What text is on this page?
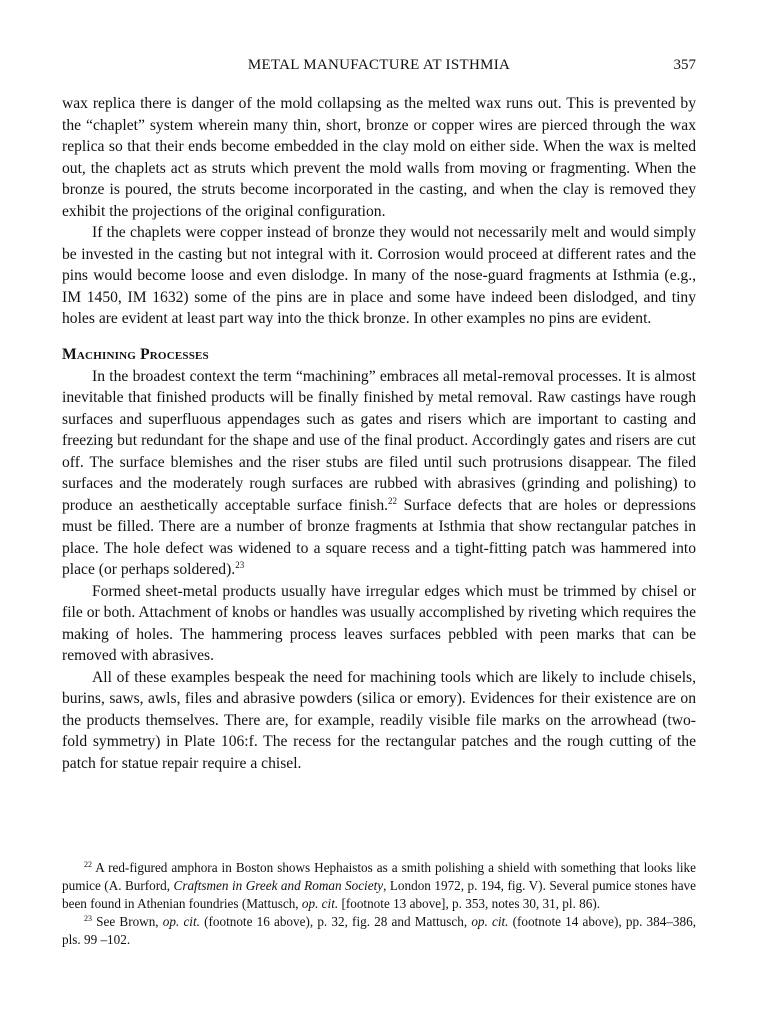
METAL MANUFACTURE AT ISTHMIA	357

wax replica there is danger of the mold collapsing as the melted wax runs out. This is prevented by the “chaplet” system wherein many thin, short, bronze or copper wires are pierced through the wax replica so that their ends become embedded in the clay mold on either side. When the wax is melted out, the chaplets act as struts which prevent the mold walls from moving or fragmenting. When the bronze is poured, the struts become incorporated in the casting, and when the clay is removed they exhibit the projections of the original configuration.

If the chaplets were copper instead of bronze they would not necessarily melt and would simply be invested in the casting but not integral with it. Corrosion would proceed at different rates and the pins would become loose and even dislodge. In many of the nose-guard fragments at Isthmia (e.g., IM 1450, IM 1632) some of the pins are in place and some have indeed been dislodged, and tiny holes are evident at least part way into the thick bronze. In other examples no pins are evident.

Machining Processes

In the broadest context the term “machining” embraces all metal-removal processes. It is almost inevitable that finished products will be finally finished by metal removal. Raw castings have rough surfaces and superfluous appendages such as gates and risers which are important to casting and freezing but redundant for the shape and use of the final product. Accordingly gates and risers are cut off. The surface blemishes and the riser stubs are filed until such protrusions disappear. The filed surfaces and the moderately rough surfaces are rubbed with abrasives (grinding and polishing) to produce an aesthetically acceptable surface finish.$^{22}$ Surface defects that are holes or depressions must be filled. There are a number of bronze fragments at Isthmia that show rectangular patches in place. The hole defect was widened to a square recess and a tight-fitting patch was hammered into place (or perhaps soldered).$^{23}$

Formed sheet-metal products usually have irregular edges which must be trimmed by chisel or file or both. Attachment of knobs or handles was usually accomplished by riveting which requires the making of holes. The hammering process leaves surfaces pebbled with peen marks that can be removed with abrasives.

All of these examples bespeak the need for machining tools which are likely to include chisels, burins, saws, awls, files and abrasive powders (silica or emory). Evidences for their existence are on the products themselves. There are, for example, readily visible file marks on the arrowhead (two-fold symmetry) in Plate 106:f. The recess for the rectangular patches and the rough cutting of the patch for statue repair require a chisel.

$^{22}$ A red-figured amphora in Boston shows Hephaistos as a smith polishing a shield with something that looks like pumice (A. Burford, Craftsmen in Greek and Roman Society, London 1972, p. 194, fig. V). Several pumice stones have been found in Athenian foundries (Mattusch, op. cit. [footnote 13 above], p. 353, notes 30, 31, pl. 86).

$^{23}$ See Brown, op. cit. (footnote 16 above), p. 32, fig. 28 and Mattusch, op. cit. (footnote 14 above), pp. 384–386, pls. 99 –102.
